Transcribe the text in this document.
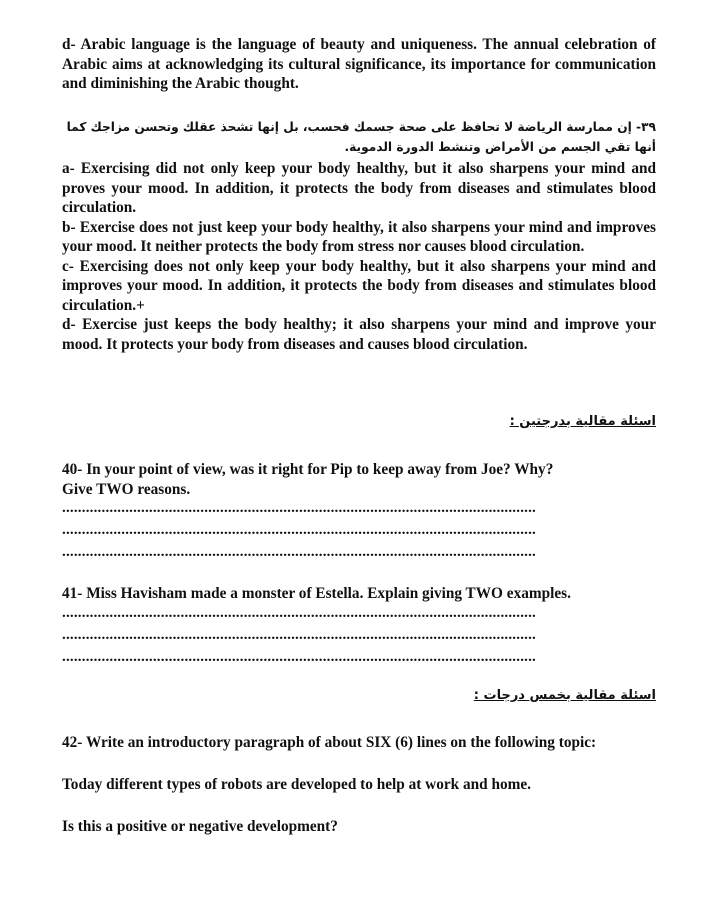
d- Arabic language is the language of beauty and uniqueness. The annual celebration of Arabic aims at acknowledging its cultural significance, its importance for communication and diminishing the Arabic thought.

٣٩- إن ممارسة الرياضة لا تحافظ على صحة جسمك فحسب، بل إنها تشحذ عقلك وتحسن مزاجك كما أنها تقي الجسم من الأمراض وتنشط الدورة الدموية.

a- Exercising did not only keep your body healthy, but it also sharpens your mind and proves your mood. In addition, it protects the body from diseases and stimulates blood circulation.

b- Exercise does not just keep your body healthy, it also sharpens your mind and improves your mood. It neither protects the body from stress nor causes blood circulation.

c- Exercising does not only keep your body healthy, but it also sharpens your mind and improves your mood. In addition, it protects the body from diseases and stimulates blood circulation.+

d- Exercise just keeps the body healthy; it also sharpens your mind and improve your mood. It protects your body from diseases and causes blood circulation.

اسئلة مقالية بدرجتين :

40- In your point of view, was it right for Pip to keep away from Joe? Why?

Give TWO reasons.

........................................................................................................................

........................................................................................................................

........................................................................................................................

41- Miss Havisham made a monster of Estella. Explain giving TWO examples.

........................................................................................................................

........................................................................................................................

........................................................................................................................

اسئلة مقالية بخمس درجات :

42- Write an introductory paragraph of about SIX (6) lines on the following topic:

Today different types of robots are developed to help at work and home.

Is this a positive or negative development?
